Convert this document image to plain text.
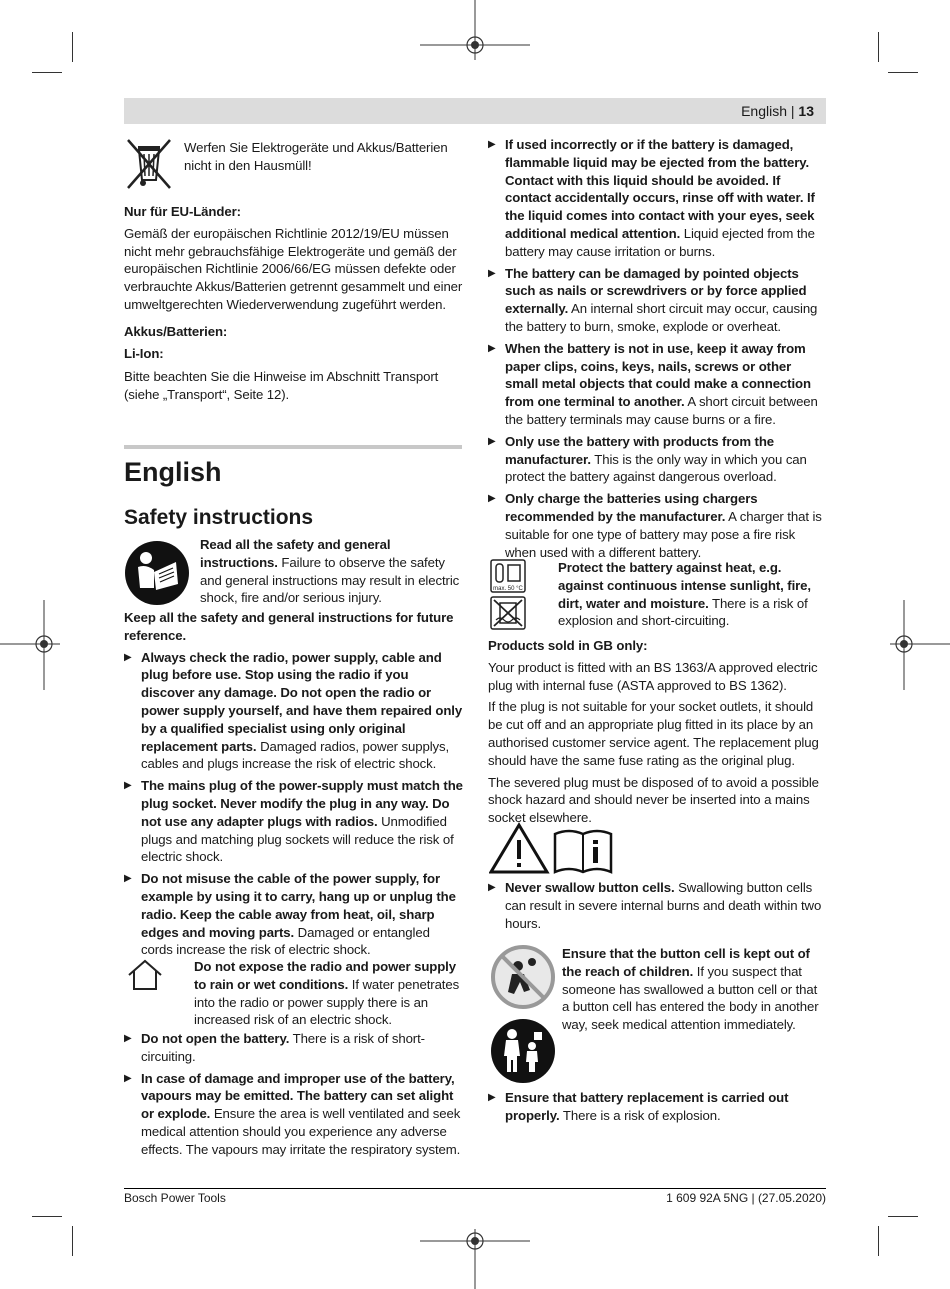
English | 13

Werfen Sie Elektrogeräte und Akkus/Batterien nicht in den Hausmüll!

Nur für EU-Länder:

Gemäß der europäischen Richtlinie 2012/19/EU müssen nicht mehr gebrauchsfähige Elektrogeräte und gemäß der europäischen Richtlinie 2006/66/EG müssen defekte oder verbrauchte Akkus/Batterien getrennt gesammelt und einer umweltgerechten Wiederverwendung zugeführt werden.

Akkus/Batterien:

Li-Ion:

Bitte beachten Sie die Hinweise im Abschnitt Transport (siehe „Transport“, Seite 12).

English
Safety instructions

Read all the safety and general instructions. Failure to observe the safety and general instructions may result in electric shock, fire and/or serious injury.

Keep all the safety and general instructions for future reference.

▶ Always check the radio, power supply, cable and plug before use. Stop using the radio if you discover any damage. Do not open the radio or power supply yourself, and have them repaired only by a qualified specialist using only original replacement parts. Damaged radios, power supplys, cables and plugs increase the risk of electric shock.
▶ The mains plug of the power-supply must match the plug socket. Never modify the plug in any way. Do not use any adapter plugs with radios. Unmodified plugs and matching plug sockets will reduce the risk of electric shock.
▶ Do not misuse the cable of the power supply, for example by using it to carry, hang up or unplug the radio. Keep the cable away from heat, oil, sharp edges and moving parts. Damaged or entangled cords increase the risk of electric shock.

Do not expose the radio and power supply to rain or wet conditions. If water penetrates into the radio or power supply there is an increased risk of an electric shock.

▶ Do not open the battery. There is a risk of short-circuiting.
▶ In case of damage and improper use of the battery, vapours may be emitted. The battery can set alight or explode. Ensure the area is well ventilated and seek medical attention should you experience any adverse effects. The vapours may irritate the respiratory system.
▶ If used incorrectly or if the battery is damaged, flammable liquid may be ejected from the battery. Contact with this liquid should be avoided. If contact accidentally occurs, rinse off with water. If the liquid comes into contact with your eyes, seek additional medical attention. Liquid ejected from the battery may cause irritation or burns.
▶ The battery can be damaged by pointed objects such as nails or screwdrivers or by force applied externally. An internal short circuit may occur, causing the battery to burn, smoke, explode or overheat.
▶ When the battery is not in use, keep it away from paper clips, coins, keys, nails, screws or other small metal objects that could make a connection from one terminal to another. A short circuit between the battery terminals may cause burns or a fire.
▶ Only use the battery with products from the manufacturer. This is the only way in which you can protect the battery against dangerous overload.
▶ Only charge the batteries using chargers recommended by the manufacturer. A charger that is suitable for one type of battery may pose a fire risk when used with a different battery.
max. 50 °C

Protect the battery against heat, e.g. against continuous intense sunlight, fire, dirt, water and moisture. There is a risk of explosion and short-circuiting.

Products sold in GB only:

Your product is fitted with an BS 1363/A approved electric plug with internal fuse (ASTA approved to BS 1362).

If the plug is not suitable for your socket outlets, it should be cut off and an appropriate plug fitted in its place by an authorised customer service agent. The replacement plug should have the same fuse rating as the original plug.

The severed plug must be disposed of to avoid a possible shock hazard and should never be inserted into a mains socket elsewhere.

▶ Never swallow button cells. Swallowing button cells can result in severe internal burns and death within two hours.

Ensure that the button cell is kept out of the reach of children. If you suspect that someone has swallowed a button cell or that a button cell has entered the body in another way, seek medical attention immediately.

▶ Ensure that battery replacement is carried out properly. There is a risk of explosion.
Bosch Power Tools	1 609 92A 5NG | (27.05.2020)
